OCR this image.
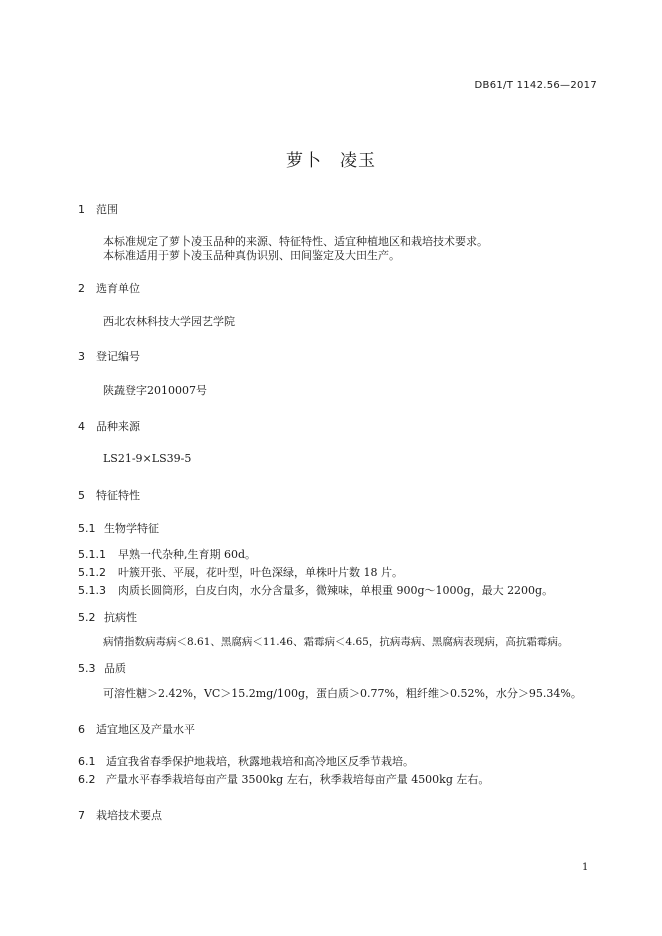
DB61/T 1142.56—2017
萝卜 凌玉
1 范围
本标准规定了萝卜凌玉品种的来源、特征特性、适宜种植地区和栽培技术要求。
本标准适用于萝卜凌玉品种真伪识别、田间鉴定及大田生产。
2 选育单位
西北农林科技大学园艺学院
3 登记编号
陕蔬登字2010007号
4 品种来源
LS21-9×LS39-5
5 特征特性
5.1 生物学特征
5.1.1 早熟一代杂种,生育期 60d。
5.1.2 叶簇开张、平展，花叶型，叶色深绿，单株叶片数 18 片。
5.1.3 肉质长圆筒形，白皮白肉，水分含量多，微辣味，单根重 900g～1000g，最大 2200g。
5.2 抗病性
病情指数病毒病＜8.61、黑腐病＜11.46、霜霉病＜4.65，抗病毒病、黑腐病表现病，高抗霜霉病。
5.3 品质
可溶性糖＞2.42%，VC＞15.2mg/100g，蛋白质＞0.77%，粗纤维＞0.52%，水分＞95.34%。
6 适宜地区及产量水平
6.1 适宜我省春季保护地栽培，秋露地栽培和高冷地区反季节栽培。
6.2 产量水平春季栽培每亩产量 3500kg 左右，秋季栽培每亩产量 4500kg 左右。
7 栽培技术要点
1
